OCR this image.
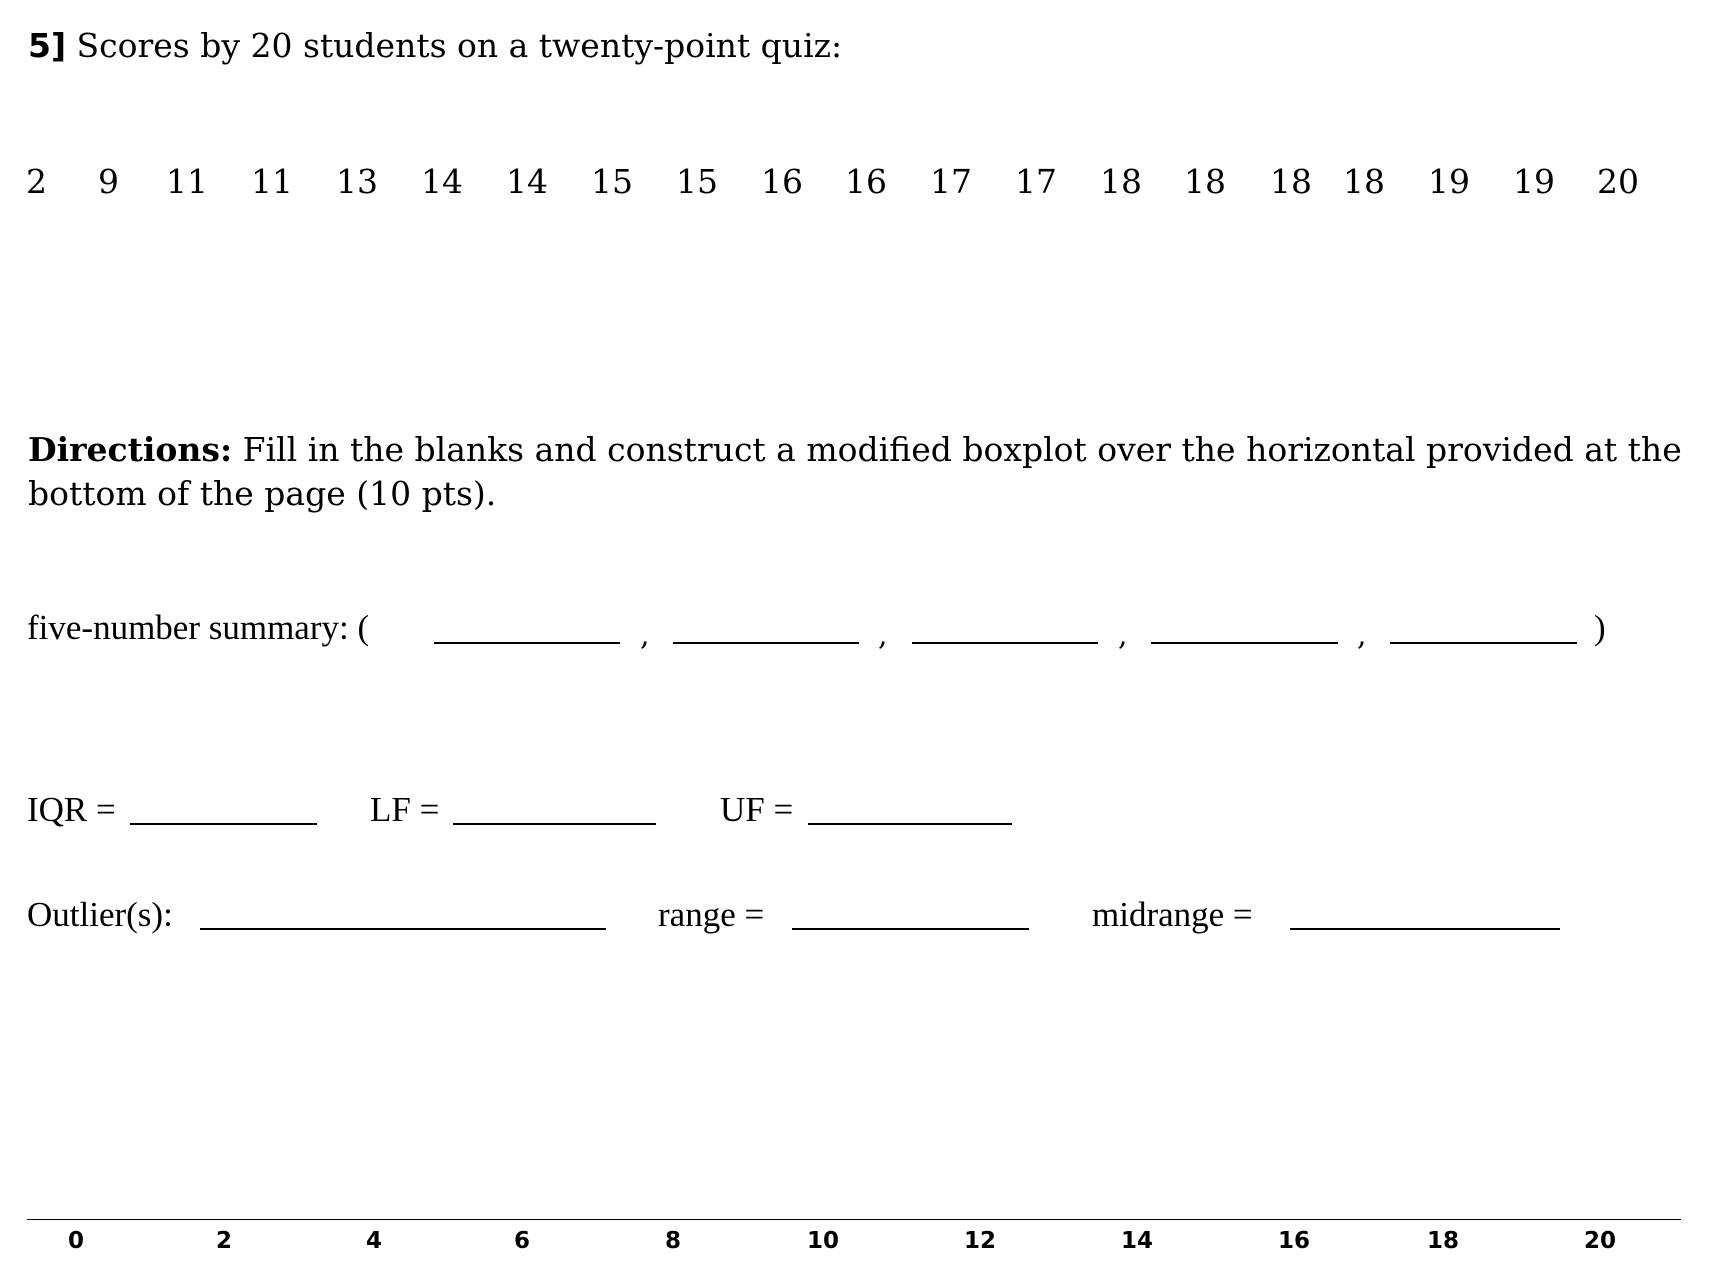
5] Scores by 20 students on a twenty-point quiz:
2 9 11 11 13 14 14 15 15 16 16 17 17 18 18 18 18 19 19 20
Directions: Fill in the blanks and construct a modified boxplot over the horizontal provided at the bottom of the page (10 pts).
five-number summary: (	,	,	,	,	)
IQR =	LF =	UF =
Outlier(s):	range =	midrange =
0	2	4	6	8	10	12	14	16	18	20
